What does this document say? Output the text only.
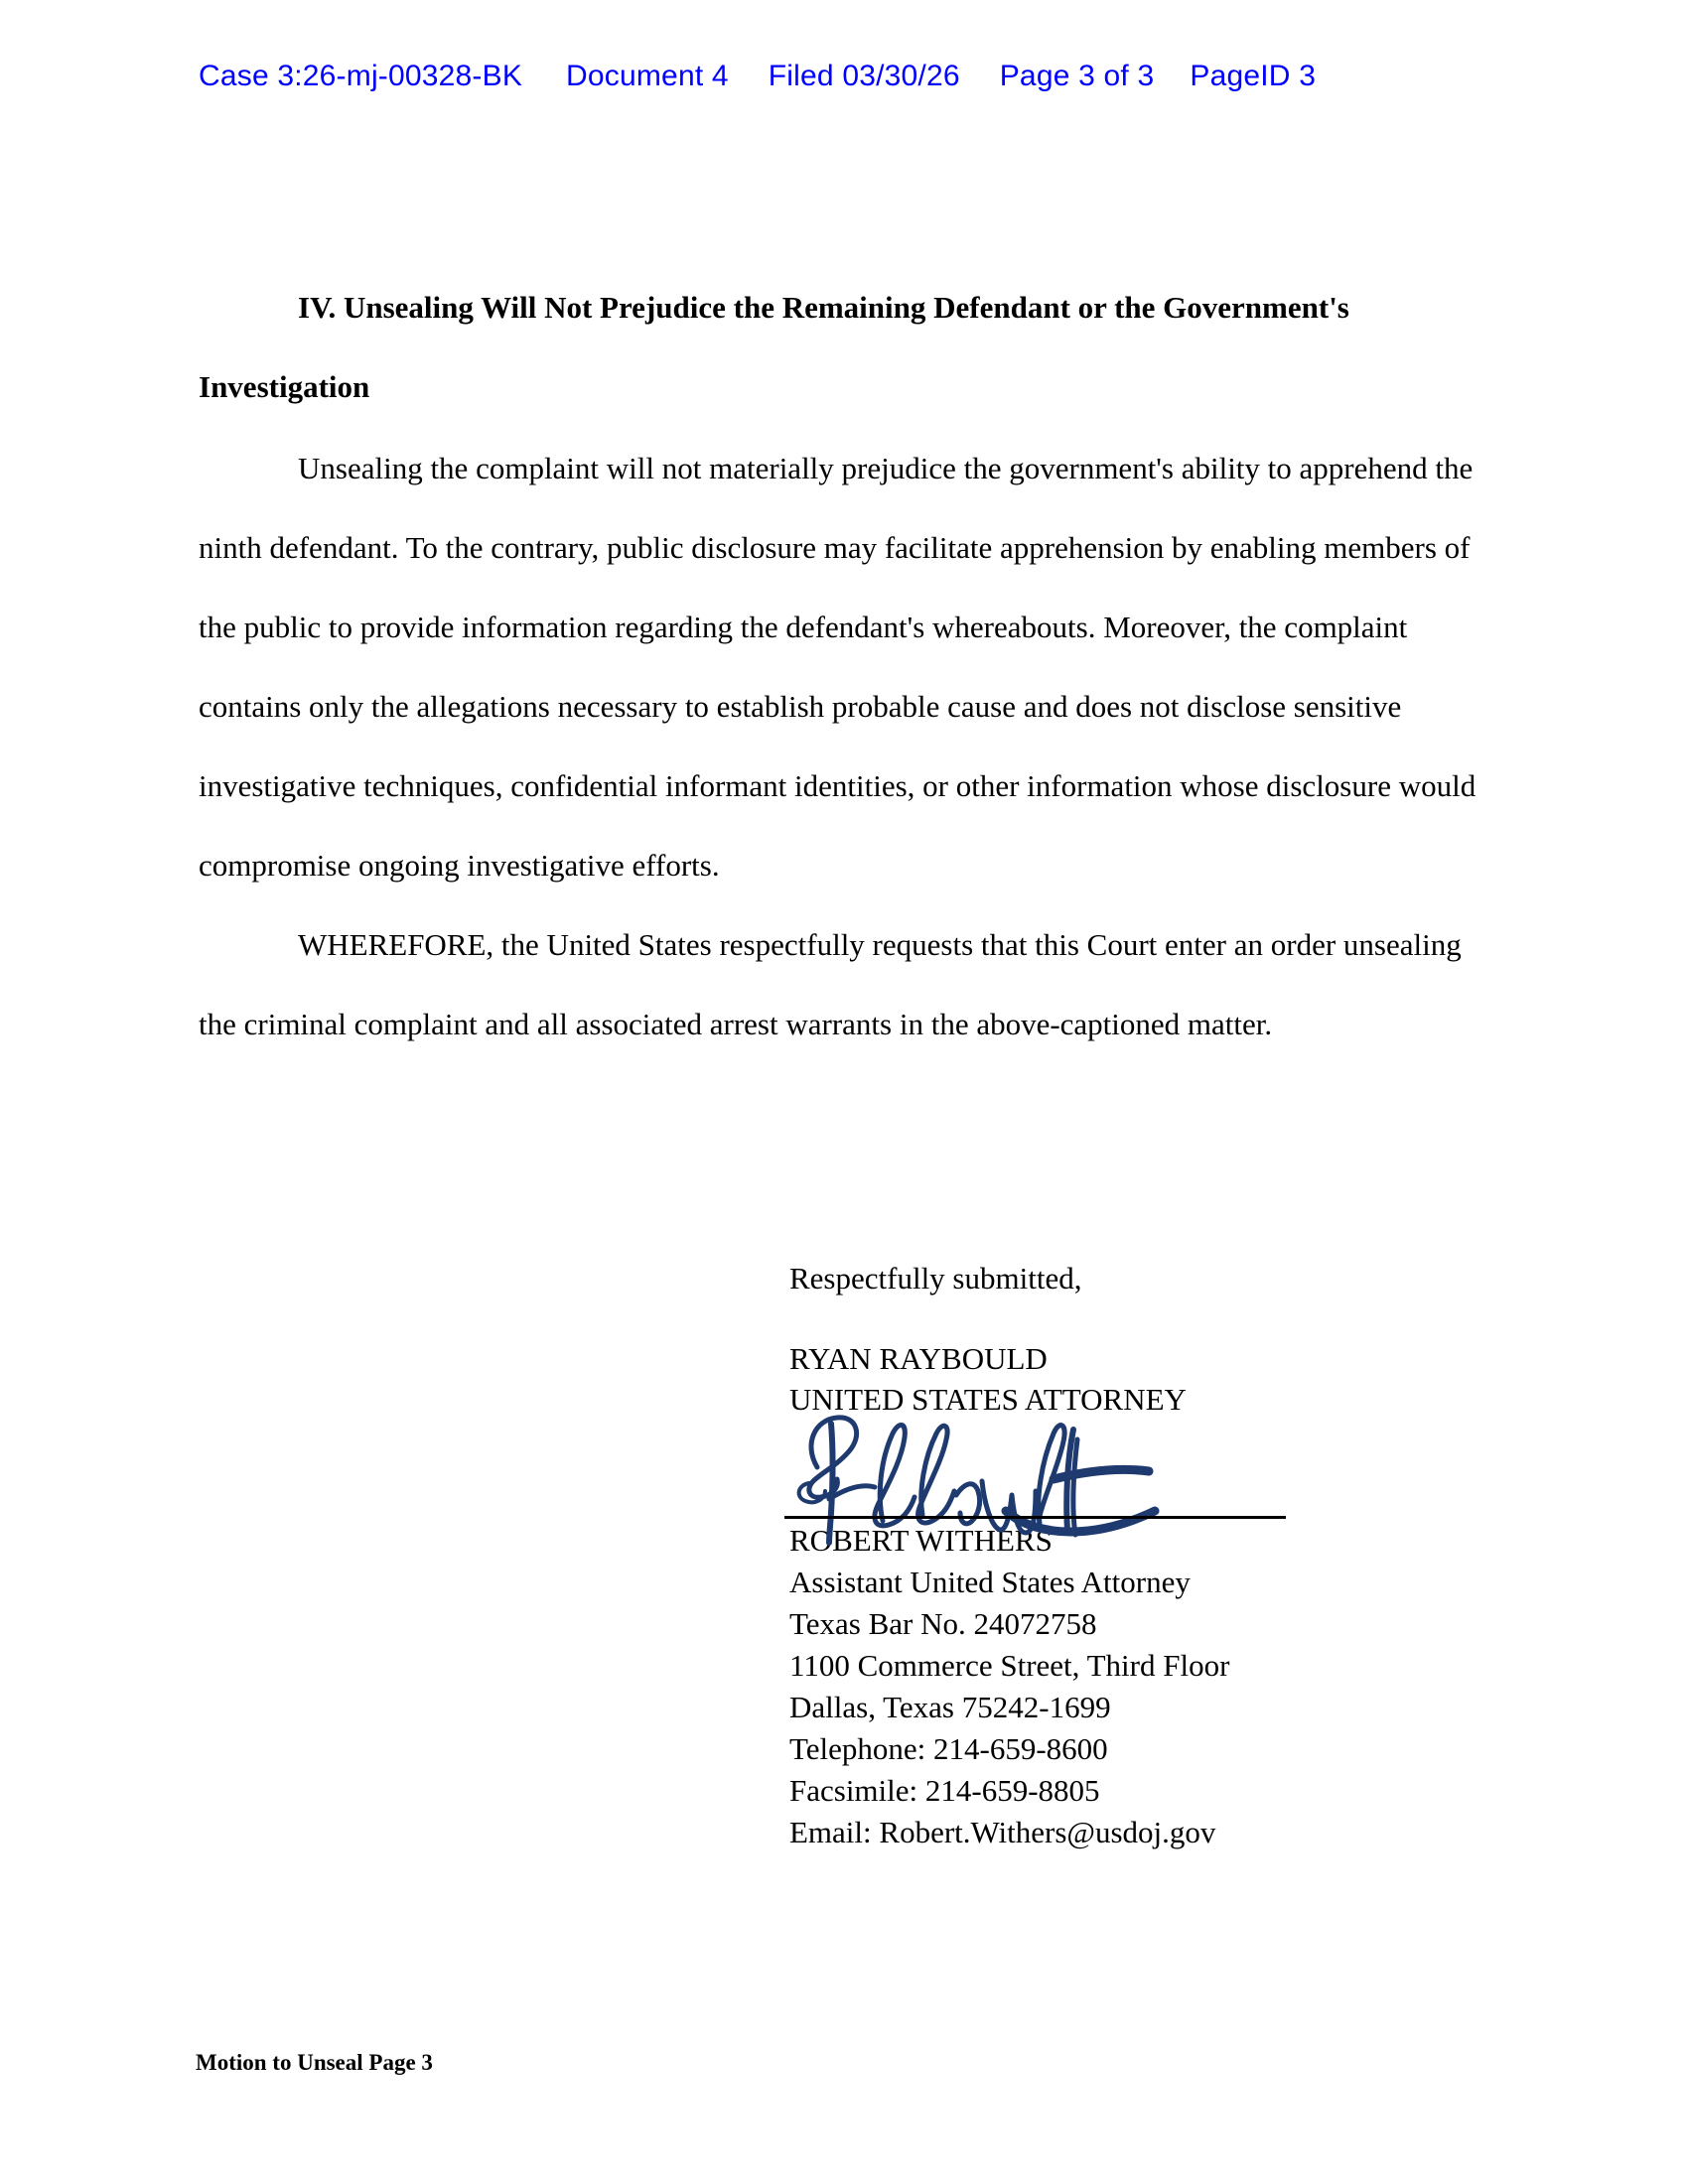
Case 3:26-mj-00328-BK Document 4 Filed 03/30/26 Page 3 of 3 PageID 3
IV. Unsealing Will Not Prejudice the Remaining Defendant or the Government's Investigation

Unsealing the complaint will not materially prejudice the government's ability to apprehend the ninth defendant. To the contrary, public disclosure may facilitate apprehension by enabling members of the public to provide information regarding the defendant's whereabouts. Moreover, the complaint contains only the allegations necessary to establish probable cause and does not disclose sensitive investigative techniques, confidential informant identities, or other information whose disclosure would compromise ongoing investigative efforts.

WHEREFORE, the United States respectfully requests that this Court enter an order unsealing the criminal complaint and all associated arrest warrants in the above-captioned matter.

Respectfully submitted,
RYAN RAYBOULD
UNITED STATES ATTORNEY
ROBERT WITHERS
Assistant United States Attorney
Texas Bar No. 24072758
1100 Commerce Street, Third Floor
Dallas, Texas 75242-1699
Telephone: 214-659-8600
Facsimile: 214-659-8805
Email: Robert.Withers@usdoj.gov
Motion to Unseal Page 3
